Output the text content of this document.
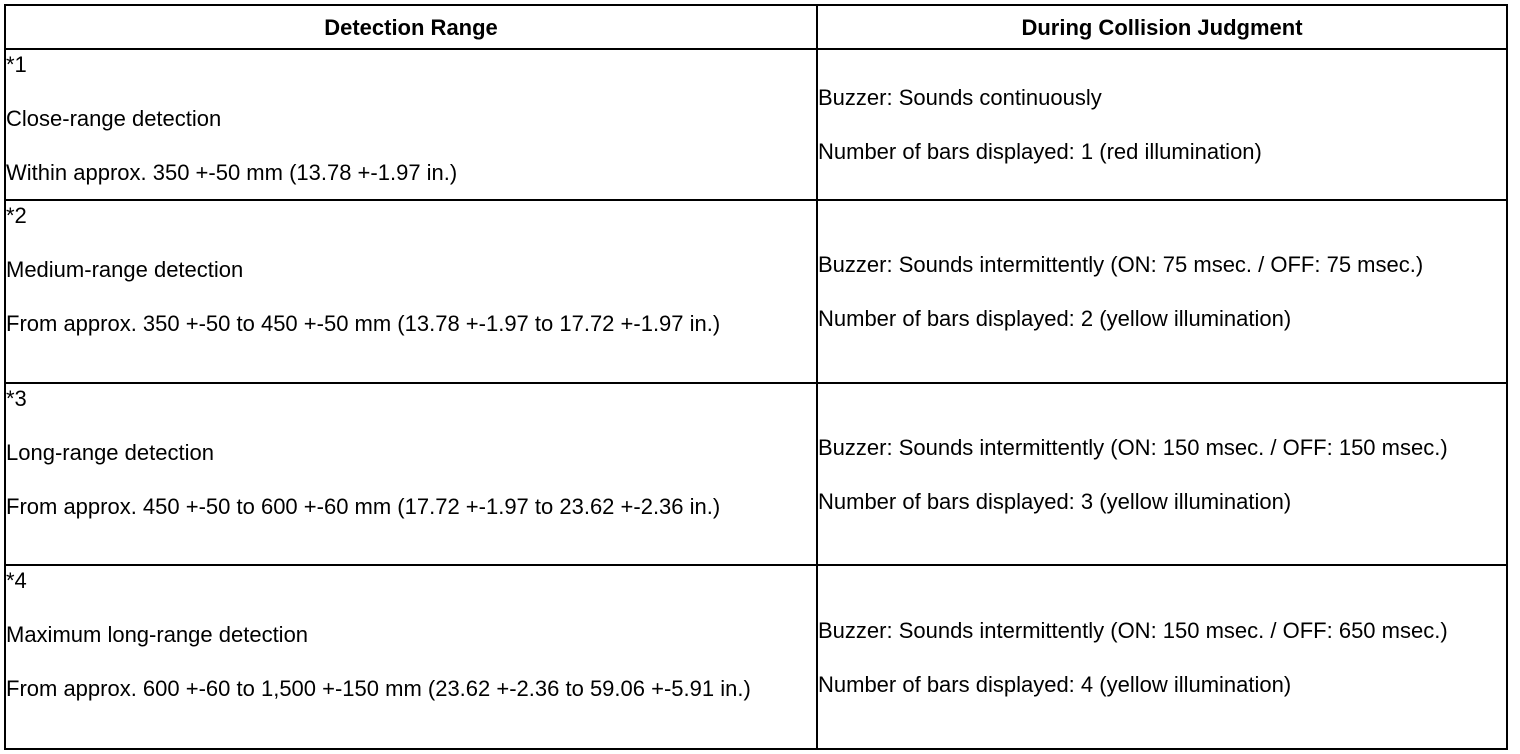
Detection Range	During Collision Judgment

*1
Close-range detection
Within approx. 350 +-50 mm (13.78 +-1.97 in.)	Buzzer: Sounds continuously
Number of bars displayed: 1 (red illumination)

*2
Medium-range detection
From approx. 350 +-50 to 450 +-50 mm (13.78 +-1.97 to 17.72 +-1.97 in.)	Buzzer: Sounds intermittently (ON: 75 msec. / OFF: 75 msec.)
Number of bars displayed: 2 (yellow illumination)

*3
Long-range detection
From approx. 450 +-50 to 600 +-60 mm (17.72 +-1.97 to 23.62 +-2.36 in.)	Buzzer: Sounds intermittently (ON: 150 msec. / OFF: 150 msec.)
Number of bars displayed: 3 (yellow illumination)

*4
Maximum long-range detection
From approx. 600 +-60 to 1,500 +-150 mm (23.62 +-2.36 to 59.06 +-5.91 in.)	Buzzer: Sounds intermittently (ON: 150 msec. / OFF: 650 msec.)
Number of bars displayed: 4 (yellow illumination)
